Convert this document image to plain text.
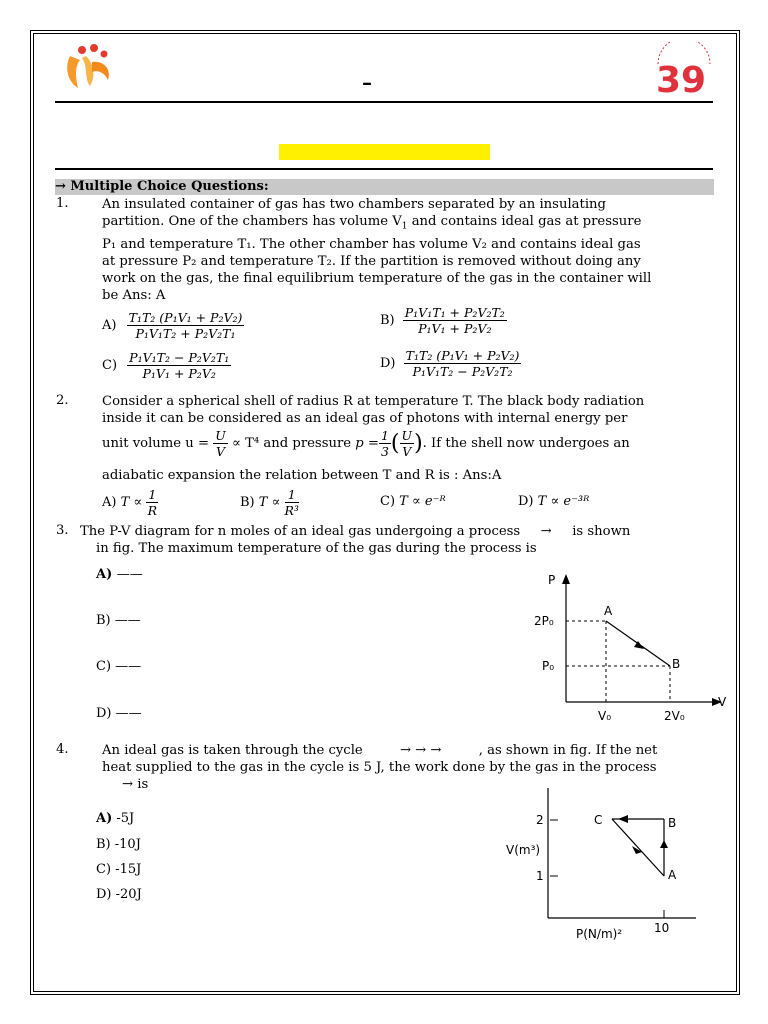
–	39
→ Multiple Choice Questions:
1.	An insulated container of gas has two chambers separated by an insulating
partition. One of the chambers has volume $V_1$ and contains ideal gas at pressure
P₁ and temperature T₁. The other chamber has volume V₂ and contains ideal gas
at pressure P₂ and temperature T₂. If the partition is removed without doing any
work on the gas, the final equilibrium temperature of the gas in the container will
be Ans: A
$A) \frac{\text{T₁T₂ (P₁V₁ + P₂V₂)}}{\text{P₁V₁T₂ + P₂V₂T₁}}$	$B) \frac{\text{P₁V₁T₁ + P₂V₂T₂}}{\text{P₁V₁ + P₂V₂}}$
$C) \frac{\text{P₁V₁T₂ − P₂V₂T₁}}{\text{P₁V₁ + P₂V₂}}$	$D) \frac{\text{T₁T₂ (P₁V₁ + P₂V₂)}}{\text{P₁V₁T₂ − P₂V₂T₂}}$
2.	Consider a spherical shell of radius R at temperature T. The black body radiation
inside it can be considered as an ideal gas of photons with internal energy per
unit volume $u = \frac{U}{V} \propto T^4$ and pressure $p = \frac{1}{3}$ ( $\frac{U}{V}$ ). If the shell now undergoes an
adiabatic expansion the relation between T and R is : Ans:A
A) $T \propto \frac{1}{R}$	B) $T \propto \frac{1}{\text{R³}}$	C) T ∝ e⁻ᴿ	D) T ∝ e⁻³ᴿ
3. The P-V diagram for n moles of an ideal gas undergoing a process → is shown
in fig. The maximum temperature of the gas during the process is
A) ——
B) ——
C) ——
D) ——
P
V
2P₀
P₀
V₀	2V₀
A
B
4.	An ideal gas is taken through the cycle	→ → →	, as shown in fig. If the net
heat supplied to the gas in the cycle is 5 J, the work done by the gas in the process
→ is
A) -5J
B) -10J
C) -15J
D) -20J
2
1
V(m³)
P(N/m)²	10
C	B
A
